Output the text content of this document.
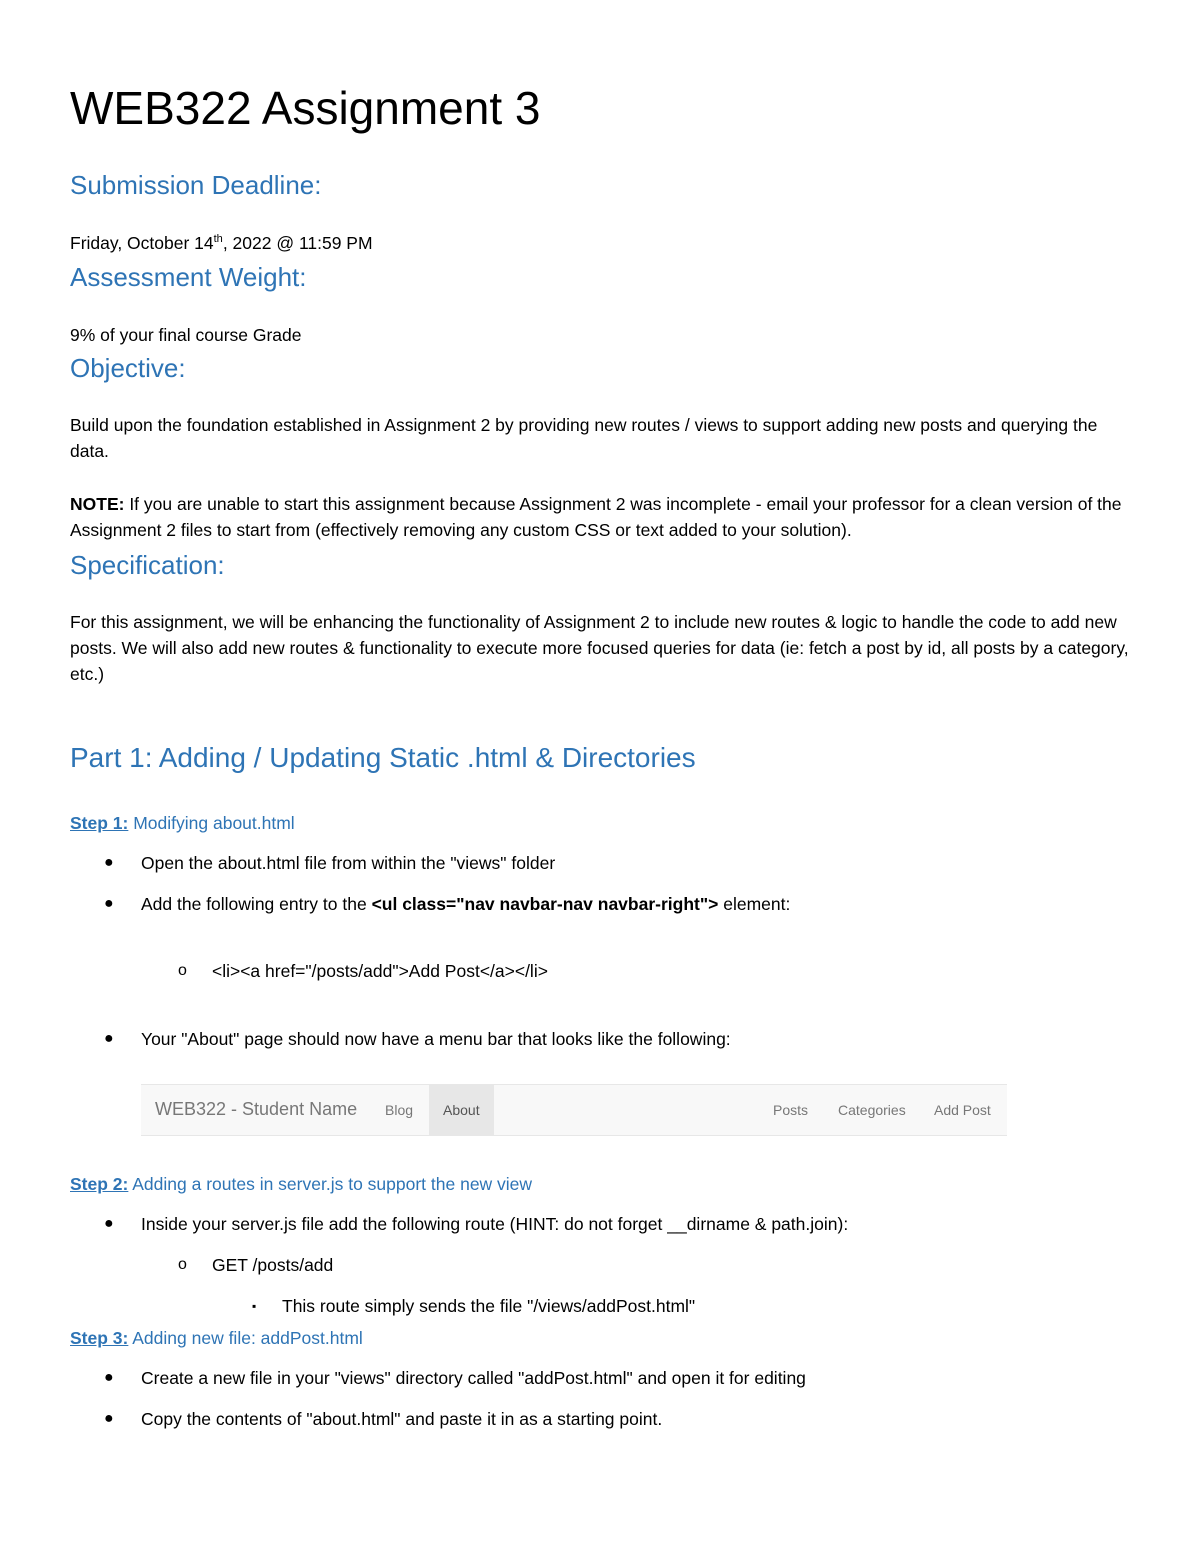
WEB322 Assignment 3
Submission Deadline:
Friday, October 14th, 2022 @ 11:59 PM
Assessment Weight:
9% of your final course Grade
Objective:
Build upon the foundation established in Assignment 2 by providing new routes / views to support adding new posts and querying the data.
NOTE: If you are unable to start this assignment because Assignment 2 was incomplete - email your professor for a clean version of the Assignment 2 files to start from (effectively removing any custom CSS or text added to your solution).
Specification:
For this assignment, we will be enhancing the functionality of Assignment 2 to include new routes & logic to handle the code to add new posts. We will also add new routes & functionality to execute more focused queries for data (ie: fetch a post by id, all posts by a category, etc.)
Part 1: Adding / Updating Static .html & Directories
Step 1: Modifying about.html
● Open the about.html file from within the "views" folder
● Add the following entry to the <ul class="nav navbar-nav navbar-right"> element:
o <li><a href="/posts/add">Add Post</a></li>
● Your "About" page should now have a menu bar that looks like the following:
WEB322 - Student Name Blog	About	Posts Categories Add Post
Step 2: Adding a routes in server.js to support the new view
● Inside your server.js file add the following route (HINT: do not forget __dirname & path.join):
o GET /posts/add
▪ This route simply sends the file "/views/addPost.html"
Step 3: Adding new file: addPost.html
● Create a new file in your "views" directory called "addPost.html" and open it for editing
● Copy the contents of "about.html" and paste it in as a starting point.
